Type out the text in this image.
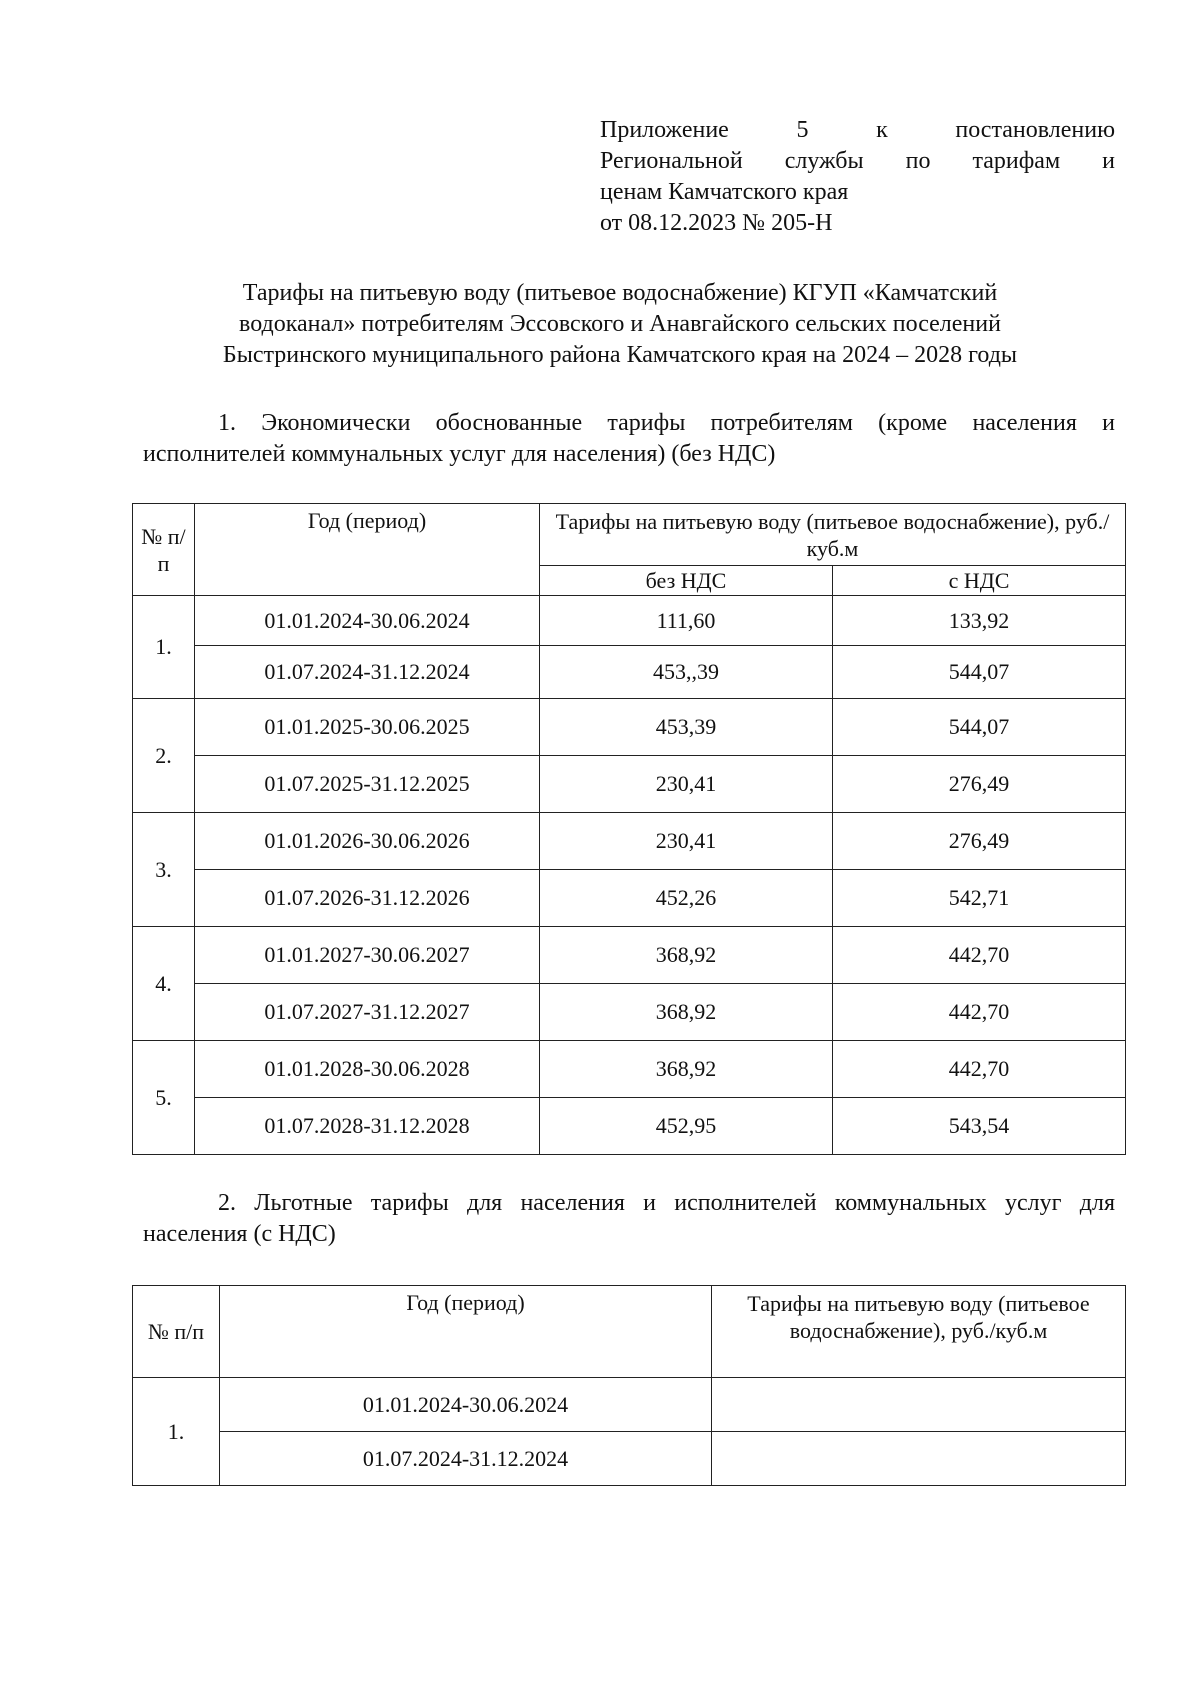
Приложение 5 к постановлению
Региональной службы по тарифам и
ценам Камчатского края
от 08.12.2023 № 205-Н
Тарифы на питьевую воду (питьевое водоснабжение) КГУП «Камчатский
водоканал» потребителям Эссовского и Анавгайского сельских поселений
Быстринского муниципального района Камчатского края на 2024 – 2028 годы
1. Экономически обоснованные тарифы потребителям (кроме населения и исполнителей коммунальных услуг для населения) (без НДС)
№ п/п	Год (период)	Тарифы на питьевую воду (питьевое водоснабжение), руб./куб.м	
		без НДС	с НДС
1.	01.01.2024-30.06.2024	111,60	133,92
	01.07.2024-31.12.2024	453,,39	544,07
2.	01.01.2025-30.06.2025	453,39	544,07
	01.07.2025-31.12.2025	230,41	276,49
3.	01.01.2026-30.06.2026	230,41	276,49
	01.07.2026-31.12.2026	452,26	542,71
4.	01.01.2027-30.06.2027	368,92	442,70
	01.07.2027-31.12.2027	368,92	442,70
5.	01.01.2028-30.06.2028	368,92	442,70
	01.07.2028-31.12.2028	452,95	543,54
2. Льготные тарифы для населения и исполнителей коммунальных услуг для населения (с НДС)
№ п/п	Год (период)	Тарифы на питьевую воду (питьевое водоснабжение), руб./куб.м
1.	01.01.2024-30.06.2024	
	01.07.2024-31.12.2024	
